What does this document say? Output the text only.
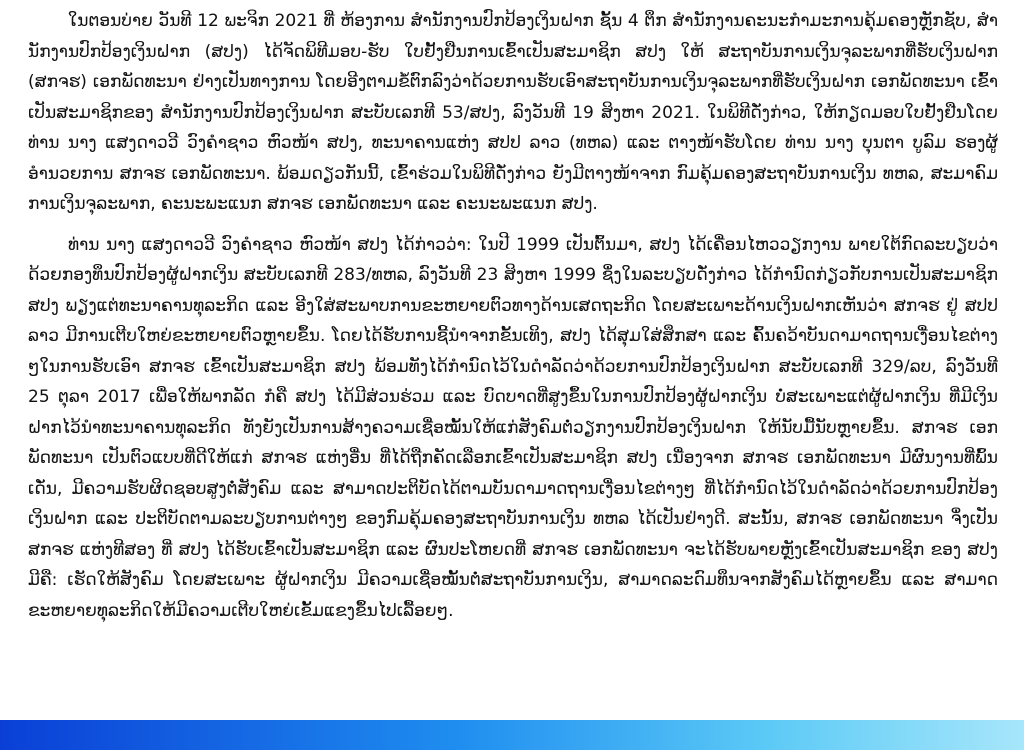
ໃນຕອນບ່າຍ ວັນທີ 12 ພະຈິກ 2021 ທີ່ ຫ້ອງການ ສໍານັກງານປົກປ້ອງເງິນຝາກ ຊັ້ນ 4 ຕຶກ ສໍານັກງານຄະນະກໍາມະການຄຸ້ມຄອງຫຼັກຊັບ, ສໍານັກງານປົກປ້ອງເງິນຝາກ (ສປງ) ໄດ້ຈັດພິທີມອບ-ຮັບ ໃບຢັ້ງຢືນການເຂົ້າເປັນສະມາຊິກ ສປງ ໃຫ້ ສະຖາບັນການເງິນຈຸລະພາກທີ່ຮັບເງິນຝາກ (ສກຈຮ) ເອກພັດທະນາ ຢ່າງເປັນທາງການ ໂດຍອີງຕາມຂໍ້ຕົກລົງວ່າດ້ວຍການຮັບເອົາສະຖາບັນການເງິນຈຸລະພາກທີ່ຮັບເງິນຝາກ ເອກພັດທະນາ ເຂົ້າເປັນສະມາຊິກຂອງ ສໍານັກງານປົກປ້ອງເງິນຝາກ ສະບັບເລກທີ 53/ສປງ, ລົງວັນທີ 19 ສິງຫາ 2021. ໃນພິທີດັ່ງກ່າວ, ໃຫ້ກຽດມອບໃບຢັ້ງຢືນໂດຍ ທ່ານ ນາງ ແສງດາວວີ ວົງຄໍາຊາວ ຫົວໜ້າ ສປງ, ທະນາຄານແຫ່ງ ສປປ ລາວ (ທຫລ) ແລະ ຕາງໜ້າຮັບໂດຍ ທ່ານ ນາງ ບຸນຕາ ບູລົມ ຮອງຜູ້ອໍານວຍການ ສກຈຮ ເອກພັດທະນາ. ພ້ອມດຽວກັນນີ້, ເຂົ້າຮ່ວມໃນພິທີດັ່ງກ່າວ ຍັງມີຕາງໜ້າຈາກ ກົມຄຸ້ມຄອງສະຖາບັນການເງິນ ທຫລ, ສະມາຄົມການເງິນຈຸລະພາກ, ຄະນະພະແນກ ສກຈຮ ເອກພັດທະນາ ແລະ ຄະນະພະແນກ ສປງ.

ທ່ານ ນາງ ແສງດາວວີ ວົງຄໍາຊາວ ຫົວໜ້າ ສປງ ໄດ້ກ່າວວ່າ: ໃນປີ 1999 ເປັນຕົ້ນມາ, ສປງ ໄດ້ເຄື່ອນໄຫວວຽກງານ ພາຍໃຕ້ກົດລະບຽບວ່າດ້ວຍກອງທຶນປົກປ້ອງຜູ້ຝາກເງິນ ສະບັບເລກທີ 283/ທຫລ, ລົງວັນທີ 23 ສິງຫາ 1999 ຊຶ່ງໃນລະບຽບດັ່ງກ່າວ ໄດ້ກໍານົດກ່ຽວກັບການເປັນສະມາຊິກ ສປງ ພຽງແຕ່ທະນາຄານທຸລະກິດ ແລະ ອີງໃສ່ສະພາບການຂະຫຍາຍຕົວທາງດ້ານເສດຖະກິດ ໂດຍສະເພາະດ້ານເງິນຝາກເຫັນວ່າ ສກຈຮ ຢູ່ ສປປ ລາວ ມີການເຕີບໃຫຍ່ຂະຫຍາຍຕົວຫຼາຍຂຶ້ນ. ໂດຍໄດ້ຮັບການຊີ້ນໍາຈາກຂັ້ນເທິງ, ສປງ ໄດ້ສຸມໃສ່ສຶກສາ ແລະ ຄົ້ນຄວ້າບັນດາມາດຖານເງື່ອນໄຂຕ່າງໆໃນການຮັບເອົາ ສກຈຮ ເຂົ້າເປັນສະມາຊິກ ສປງ ພ້ອມທັງໄດ້ກໍານົດໄວ້ໃນດໍາລັດວ່າດ້ວຍການປົກປ້ອງເງິນຝາກ ສະບັບເລກທີ 329/ລບ, ລົງວັນທີ 25 ຕຸລາ 2017 ເພື່ອໃຫ້ພາກລັດ ກໍຄື ສປງ ໄດ້ມີສ່ວນຮ່ວມ ແລະ ບົດບາດທີ່ສູງຂຶ້ນໃນການປົກປ້ອງຜູ້ຝາກເງິນ ບໍ່ສະເພາະແຕ່ຜູ້ຝາກເງິນ ທີ່ມີເງິນຝາກໄວ້ນໍາທະນາຄານທຸລະກິດ ທັງຍັງເປັນການສ້າງຄວາມເຊື່ອໝັ້ນໃຫ້ແກ່ສັງຄົມຕໍ່ວຽກງານປົກປ້ອງເງິນຝາກ ໃຫ້ນັບມື້ນັບຫຼາຍຂຶ້ນ. ສກຈຮ ເອກພັດທະນາ ເປັນຕົວແບບທີ່ດີໃຫ້ແກ່ ສກຈຮ ແຫ່ງອື່ນ ທີ່ໄດ້ຖືກຄັດເລືອກເຂົ້າເປັນສະມາຊິກ ສປງ ເນື່ອງຈາກ ສກຈຮ ເອກພັດທະນາ ມີຜົນງານທີ່ພົ້ນເດັ່ນ, ມີຄວາມຮັບຜິດຊອບສູງຕໍ່ສັງຄົມ ແລະ ສາມາດປະຕິບັດໄດ້ຕາມບັນດາມາດຖານເງື່ອນໄຂຕ່າງໆ ທີ່ໄດ້ກໍານົດໄວ້ໃນດໍາລັດວ່າດ້ວຍການປົກປ້ອງເງິນຝາກ ແລະ ປະຕິບັດຕາມລະບຽບການຕ່າງໆ ຂອງກົມຄຸ້ມຄອງສະຖາບັນການເງິນ ທຫລ ໄດ້ເປັນຢ່າງດີ. ສະນັ້ນ, ສກຈຮ ເອກພັດທະນາ ຈຶ່ງເປັນ ສກຈຮ ແຫ່ງທີສອງ ທີ່ ສປງ ໄດ້ຮັບເຂົ້າເປັນສະມາຊິກ ແລະ ຜົນປະໂຫຍດທີ່ ສກຈຮ ເອກພັດທະນາ ຈະໄດ້ຮັບພາຍຫຼັງເຂົ້າເປັນສະມາຊິກ ຂອງ ສປງ ມີຄື: ເຮັດໃຫ້ສັງຄົມ ໂດຍສະເພາະ ຜູ້ຝາກເງິນ ມີຄວາມເຊື່ອໝັ້ນຕໍ່ສະຖາບັນການເງິນ, ສາມາດລະດົມທຶນຈາກສັງຄົມໄດ້ຫຼາຍຂຶ້ນ ແລະ ສາມາດຂະຫຍາຍທຸລະກິດໃຫ້ມີຄວາມເຕີບໃຫຍ່ເຂັ້ມແຂງຂຶ້ນໄປເລື້ອຍໆ.
